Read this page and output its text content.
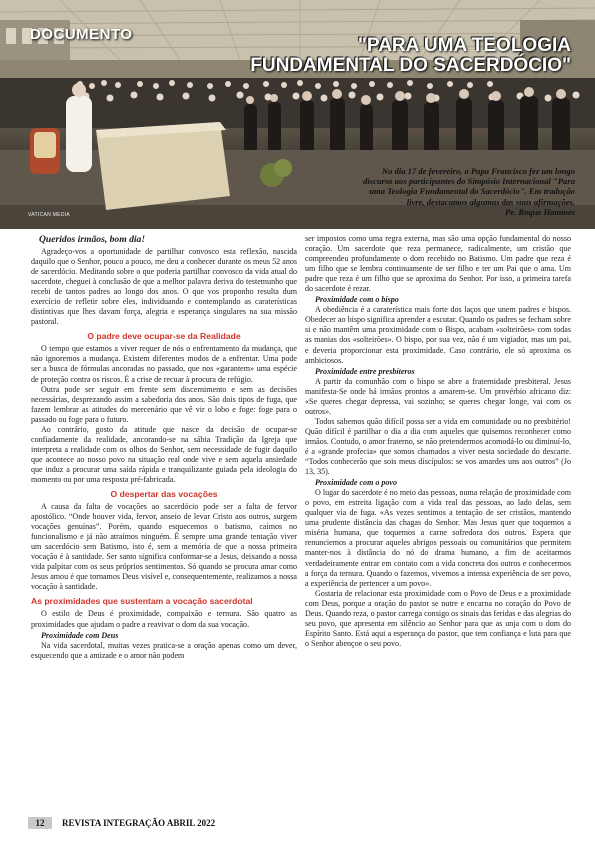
DOCUMENTO
"PARA UMA TEOLOGIA
FUNDAMENTAL DO SACERDÓCIO"

No dia 17 de fevereiro, o Papa Francisco fez um longo

discurso aos participantes do Simpósio Internacional "Para

uma Teologia Fundamental do Sacerdócio". Em tradução

livre, destacamos algumas das suas afirmações.

Pe. Roque Hammes

VATICAN MEDIA

Queridos irmãos, bom dia!

Agradeço-vos a oportunidade de partilhar convosco esta reflexão, nascida daquilo que o Senhor, pouco a pouco, me deu a conhecer durante os meus 52 anos de sacerdócio. Meditando sobre o que poderia partilhar convosco da vida atual do sacerdote, cheguei à conclusão de que a melhor palavra deriva do testemunho que recebi de tantos padres ao longo dos anos. O que vos proponho resulta dum exercício de refletir sobre eles, individuando e contemplando as caraterísticas distintivas que lhes davam força, alegria e esperança singulares na sua missão pastoral.

O padre deve ocupar-se da Realidade

O tempo que estamos a viver requer de nós o enfrentamento da mudança, que não ignoremos a mudança. Existem diferentes modos de a enfrentar. Uma pode ser a busca de fórmulas ancoradas no passado, que nos «garantem» uma espécie de proteção contra os riscos. É a crise de recuar à procura de refúgio.

Outra pode ser seguir em frente sem discernimento e sem as decisões necessárias, desprezando assim a sabedoria dos anos. São dois tipos de fuga, que fazem lembrar as atitudes do mercenário que vê vir o lobo e foge: foge para o passado ou foge para o futuro.

Ao contrário, gosto da atitude que nasce da decisão de ocupar-se confiadamente da realidade, ancorando-se na sábia Tradição da Igreja que interpreta a realidade com os olhos do Senhor, sem necessidade de fugir daquilo que acontece ao nosso povo na situação real onde vive e sem aquela ansiedade que induz a procurar uma saída rápida e tranquilizante guiada pela ideologia do momento ou por uma resposta pré-fabricada.

O despertar das vocações

A causa da falta de vocações ao sacerdócio pode ser a falta de fervor apostólico. “Onde houver vida, fervor, anseio de levar Cristo aos outros, surgem vocações genuínas”. Porém, quando esquecemos o batismo, caímos no funcionalismo e já não atraímos ninguém. É sempre uma grande tentação viver um sacerdócio sem Batismo, isto é, sem a memória de que a nossa primeira vocação é à santidade. Ser santo significa conformar-se a Jesus, deixando a nossa vida palpitar com os seus próprios sentimentos. Só quando se procura amar como Jesus amou é que tornamos Deus visível e, consequentemente, realizamos a nossa vocação à santidade.

As proximidades que sustentam a vocação sacerdotal

O estilo de Deus é proximidade, compaixão e ternura. São quatro as proximidades que ajudam o padre a reavivar o dom da sua vocação.

Proximidade com Deus

Na vida sacerdotal, muitas vezes pratica-se a oração apenas como um dever, esquecendo que a amizade e o amor não podem

ser impostos como uma regra externa, mas são uma opção fundamental do nosso coração. Um sacerdote que reza permanece, radicalmente, um cristão que compreendeu profundamente o dom recebido no Batismo. Um padre que reza é um filho que se lembra continuamente de ser filho e ter um Pai que o ama. Um padre que reza é um filho que se aproxima do Senhor. Por isso, a primeira tarefa do sacerdote é rezar.

Proximidade com o bispo

A obediência é a caraterística mais forte dos laços que unem padres e bispos. Obedecer ao bispo significa aprender a escutar. Quando os padres se fecham sobre si e não mantêm uma proximidade com o Bispo, acabam «solteirões» com todas as manias dos «solteirões». O bispo, por sua vez, não é um vigiador, mas um pai, e deveria proporcionar esta proximidade. Caso contrário, ele só aproxima os ambiciosos.

Proximidade entre presbíteros

A partir da comunhão com o bispo se abre a fraternidade presbiteral. Jesus manifesta-Se onde há irmãos prontos a amarem-se. Um provérbio africano diz: «Se queres chegar depressa, vai sozinho; se queres chegar longe, vai com os outros».

Todos sabemos quão difícil possa ser a vida em comunidade ou no presbitério! Quão difícil é partilhar o dia a dia com aqueles que quisemos reconhecer como irmãos. Contudo, o amor fraterno, se não pretendermos acomodá-lo ou diminuí-lo, é a «grande profecia» que somos chamados a viver nesta sociedade do descarte. “Todos conhecerão que sois meus discípulos: se vos amardes uns aos outros” (Jo 13, 35).

Proximidade com o povo

O lugar do sacerdote é no meio das pessoas, numa relação de proximidade com o povo, em estreita ligação com a vida real das pessoas, ao lado delas, sem qualquer via de fuga. «As vezes sentimos a tentação de ser cristãos, mantendo uma prudente distância das chagas do Senhor. Mas Jesus quer que toquemos a miséria humana, que toquemos a carne sofredora dos outros. Espera que renunciemos a procurar aqueles abrigos pessoais ou comunitários que permitem manter-nos à distância do nó do drama humano, a fim de aceitarmos verdadeiramente entrar em contato com a vida concreta dos outros e conhecermos a força da ternura. Quando o fazemos, vivemos a intensa experiência de ser povo, a experiência de pertencer a um povo».

Gostaria de relacionar esta proximidade com o Povo de Deus e a proximidade com Deus, porque a oração do pastor se nutre e encarna no coração do Povo de Deus. Quando reza, o pastor carrega consigo os sinais das feridas e das alegrias do seu povo, que apresenta em silêncio ao Senhor para que as unja com o dom do Espírito Santo. Está aqui a esperança do pastor, que tem confiança e luta para que o Senhor abençoe o seu povo.

12	REVISTA INTEGRAÇÃO ABRIL 2022
